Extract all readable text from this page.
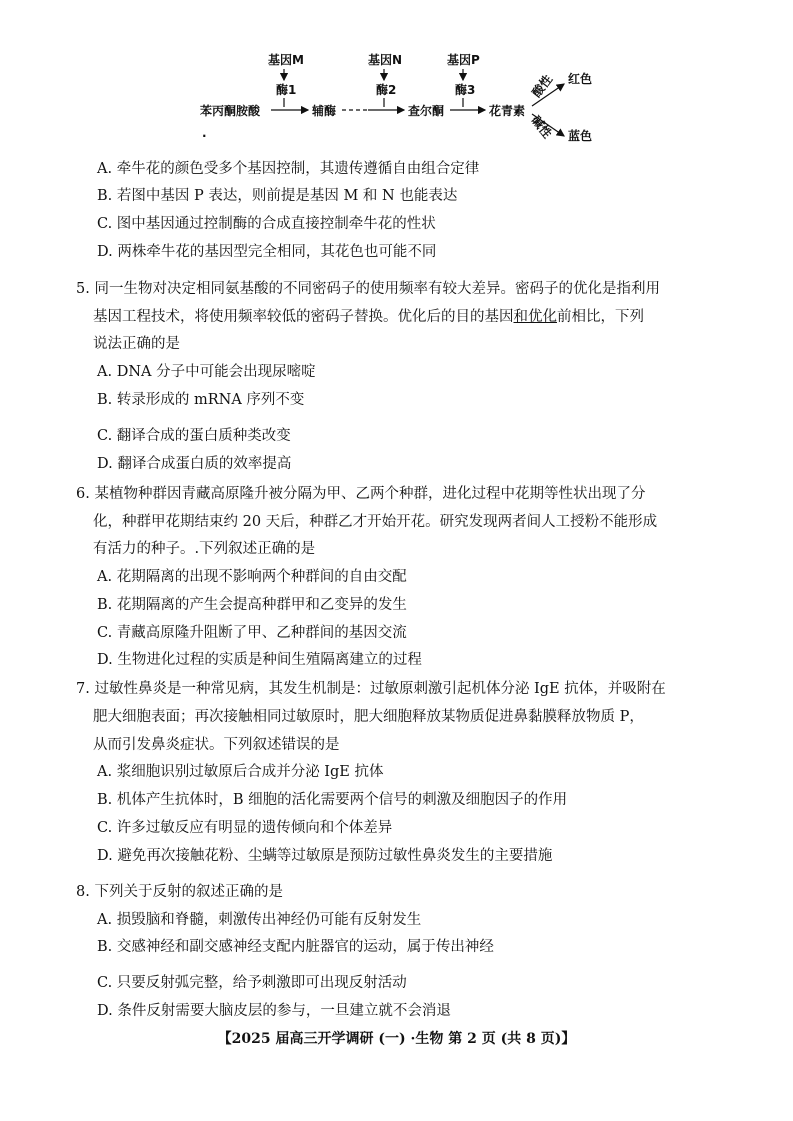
基因M	基因N	基因P
酶1	酶2	酶3
苯丙酮胺酸	辅酶	查尔酮	花青素
酸性
碱性
红色
蓝色
·
A. 牵牛花的颜色受多个基因控制，其遗传遵循自由组合定律
B. 若图中基因 P 表达，则前提是基因 M 和 N 也能表达
C. 图中基因通过控制酶的合成直接控制牵牛花的性状
D. 两株牵牛花的基因型完全相同，其花色也可能不同
5. 同一生物对决定相同氨基酸的不同密码子的使用频率有较大差异。密码子的优化是指利用
基因工程技术，将使用频率较低的密码子替换。优化后的目的基因和优化前相比，下列
说法正确的是
A. DNA 分子中可能会出现尿嘧啶
B. 转录形成的 mRNA 序列不变
C. 翻译合成的蛋白质种类改变
D. 翻译合成蛋白质的效率提高
6. 某植物种群因青藏高原隆升被分隔为甲、乙两个种群，进化过程中花期等性状出现了分
化，种群甲花期结束约 20 天后，种群乙才开始开花。研究发现两者间人工授粉不能形成
有活力的种子。.下列叙述正确的是
A. 花期隔离的出现不影响两个种群间的自由交配
B. 花期隔离的产生会提高种群甲和乙变异的发生
C. 青藏高原隆升阻断了甲、乙种群间的基因交流
D. 生物进化过程的实质是种间生殖隔离建立的过程
7. 过敏性鼻炎是一种常见病，其发生机制是：过敏原刺激引起机体分泌 IgE 抗体，并吸附在
肥大细胞表面；再次接触相同过敏原时，肥大细胞释放某物质促进鼻黏膜释放物质 P，
从而引发鼻炎症状。下列叙述错误的是
A. 浆细胞识别过敏原后合成并分泌 IgE 抗体
B. 机体产生抗体时，B 细胞的活化需要两个信号的刺激及细胞因子的作用
C. 许多过敏反应有明显的遗传倾向和个体差异
D. 避免再次接触花粉、尘螨等过敏原是预防过敏性鼻炎发生的主要措施
8. 下列关于反射的叙述正确的是
A. 损毁脑和脊髓，刺激传出神经仍可能有反射发生
B. 交感神经和副交感神经支配内脏器官的运动，属于传出神经
C. 只要反射弧完整，给予刺激即可出现反射活动
D. 条件反射需要大脑皮层的参与，一旦建立就不会消退
【2025 届高三开学调研 (一) ·生物 第 2 页 (共 8 页)】
